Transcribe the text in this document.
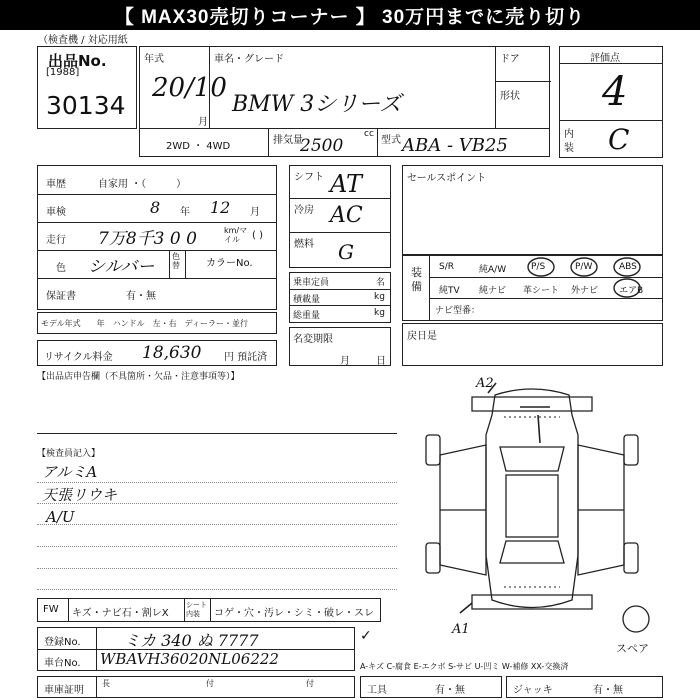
【 MAX30売切りコーナー 】 30万円までに売り切り
（検査機 / 対応用紙
出品No.
[1988]
30134
年式
20/10
月
車名・グレード
BMW 3シリーズ
ドア
形状
評価点
4
内
装 C
2WD ・ 4WD
排気量
cc
2500	型式 ABA - VB25
車歴	自家用 ・（　　　）
車検	8 年 12 月
走行 7万8千3 0 0	km/マイル	( )
色 シルバー
色替	カラーNo.
保証書	有・無
モデル年式　　年　ハンドル　左・右　ディーラー・並行
リサイクル料金 18,630 円 預託済
シフト AT
冷房 AC
燃料 G
乗車定員	名
積載量	kg
総重量	kg
名変期限
月	日
セールスポイント
装備
S/R	純A/W	P/S	P/W	ABS
純TV 純ナビ 革シート 外ナビ エアB
ナビ型番：
戻日是
【出品店申告欄（不具箇所・欠品・注意事項等）】
【検査員記入】
アルミA
天張リウキ
A/U
A2
A1
スペア
FW キズ・ナビ石・割レX
シート内装	コゲ・穴・汚レ・シミ・破レ・スレ
登録No.	ミカ 340 ぬ 7777
車台No. WBAVH36020NL06222
✓
A-キズ C-腐食 E-エクボ S-サビ U-凹ミ W-補修 XX-交換済
車庫証明
長	付	付
工具	有・無	ジャッキ	有・無
